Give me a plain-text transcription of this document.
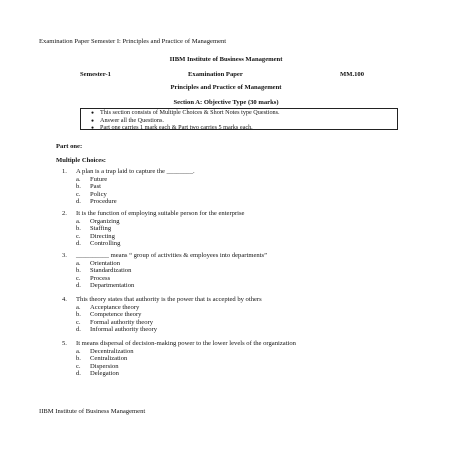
Examination Paper Semester I: Principles and Practice of Management
IIBM Institute of Business Management
Semester-1	Examination Paper	MM.100
Principles and Practice of Management
Section A: Objective Type (30 marks)
● This section consists of Multiple Choices & Short Notes type Questions.
● Answer all the Questions.
● Part one carries 1 mark each & Part two carries 5 marks each.
Part one:
Multiple Choices:
1. A plan is a trap laid to capture the ________.
a. Future
b. Past
c. Policy
d. Procedure
2. It is the function of employing suitable person for the enterprise
a. Organizing
b. Staffing
c. Directing
d. Controlling
3. __________ means “ group of activities & employees into departments”
a. Orientation
b. Standardization
c. Process
d. Departmentation
4. This theory states that authority is the power that is accepted by others
a. Acceptance theory
b. Competence theory
c. Formal authority theory
d. Informal authority theory
5. It means dispersal of decision-making power to the lower levels of the organization
a. Decentralization
b. Centralization
c. Dispersion
d. Delegation
IIBM Institute of Business Management
